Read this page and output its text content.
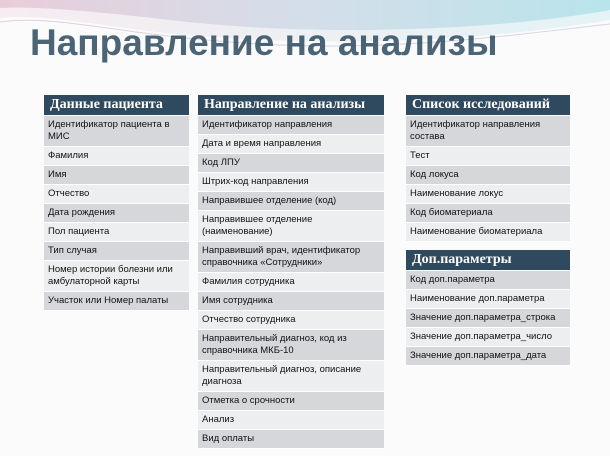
Направление на анализы
Данные пациента
Идентификатор пациента в МИС
Фамилия
Имя
Отчество
Дата рождения
Пол пациента
Тип случая
Номер истории болезни или амбулаторной карты
Участок или Номер палаты
Направление на анализы
Идентификатор направления
Дата и время направления
Код ЛПУ
Штрих-код направления
Направившее отделение (код)
Направившее отделение (наименование)
Направивший врач, идентификатор справочника «Сотрудники»
Фамилия сотрудника
Имя сотрудника
Отчество сотрудника
Направительный диагноз, код из справочника МКБ-10
Направительный диагноз, описание диагноза
Отметка о срочности
Анализ
Вид оплаты
Список исследований
Идентификатор направления состава
Тест
Код локуса
Наименование локус
Код биоматериала
Наименование биоматериала
Доп.параметры
Код доп.параметра
Наименование доп.параметра
Значение доп.параметра_строка
Значение доп.параметра_число
Значение доп.параметра_дата
